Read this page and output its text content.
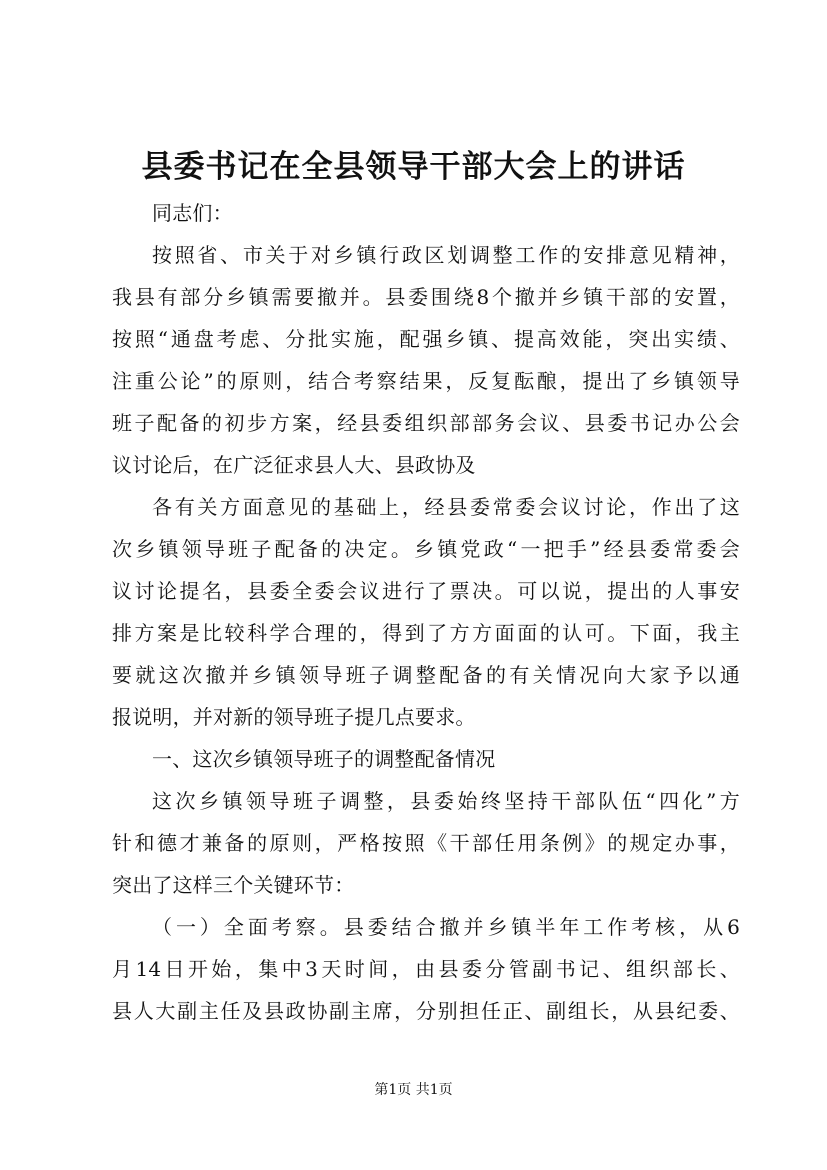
县委书记在全县领导干部大会上的讲话
同志们：
按照省、市关于对乡镇行政区划调整工作的安排意见精神，
我县有部分乡镇需要撤并。县委围绕8个撤并乡镇干部的安置，
按照“通盘考虑、分批实施，配强乡镇、提高效能，突出实绩、
注重公论”的原则，结合考察结果，反复酝酿，提出了乡镇领导
班子配备的初步方案，经县委组织部部务会议、县委书记办公会
议讨论后，在广泛征求县人大、县政协及
各有关方面意见的基础上，经县委常委会议讨论，作出了这
次乡镇领导班子配备的决定。乡镇党政“一把手”经县委常委会
议讨论提名，县委全委会议进行了票决。可以说，提出的人事安
排方案是比较科学合理的，得到了方方面面的认可。下面，我主
要就这次撤并乡镇领导班子调整配备的有关情况向大家予以通
报说明，并对新的领导班子提几点要求。
一、这次乡镇领导班子的调整配备情况
这次乡镇领导班子调整，县委始终坚持干部队伍“四化”方
针和德才兼备的原则，严格按照《干部任用条例》的规定办事，
突出了这样三个关键环节：
（一）全面考察。县委结合撤并乡镇半年工作考核，从6
月14日开始，集中3天时间，由县委分管副书记、组织部长、
县人大副主任及县政协副主席，分别担任正、副组长，从县纪委、
第1页 共1页
